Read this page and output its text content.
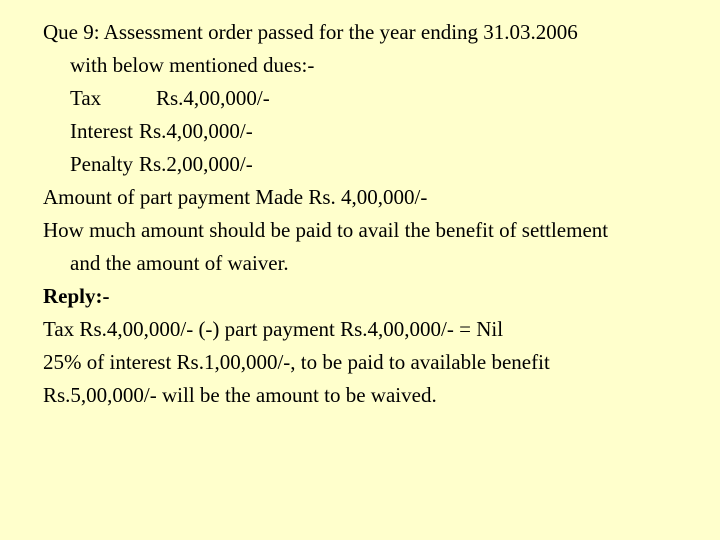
Que 9: Assessment order passed for the year ending 31.03.2006
with below mentioned dues:-
Tax	Rs.4,00,000/-
Interest Rs.4,00,000/-
Penalty Rs.2,00,000/-
Amount of part payment Made Rs. 4,00,000/-
How much amount should be paid to avail the benefit of settlement
and the amount of waiver.
Reply:-
Tax Rs.4,00,000/- (-) part payment Rs.4,00,000/- = Nil
25% of interest Rs.1,00,000/-, to be paid to available benefit
Rs.5,00,000/- will be the amount to be waived.
